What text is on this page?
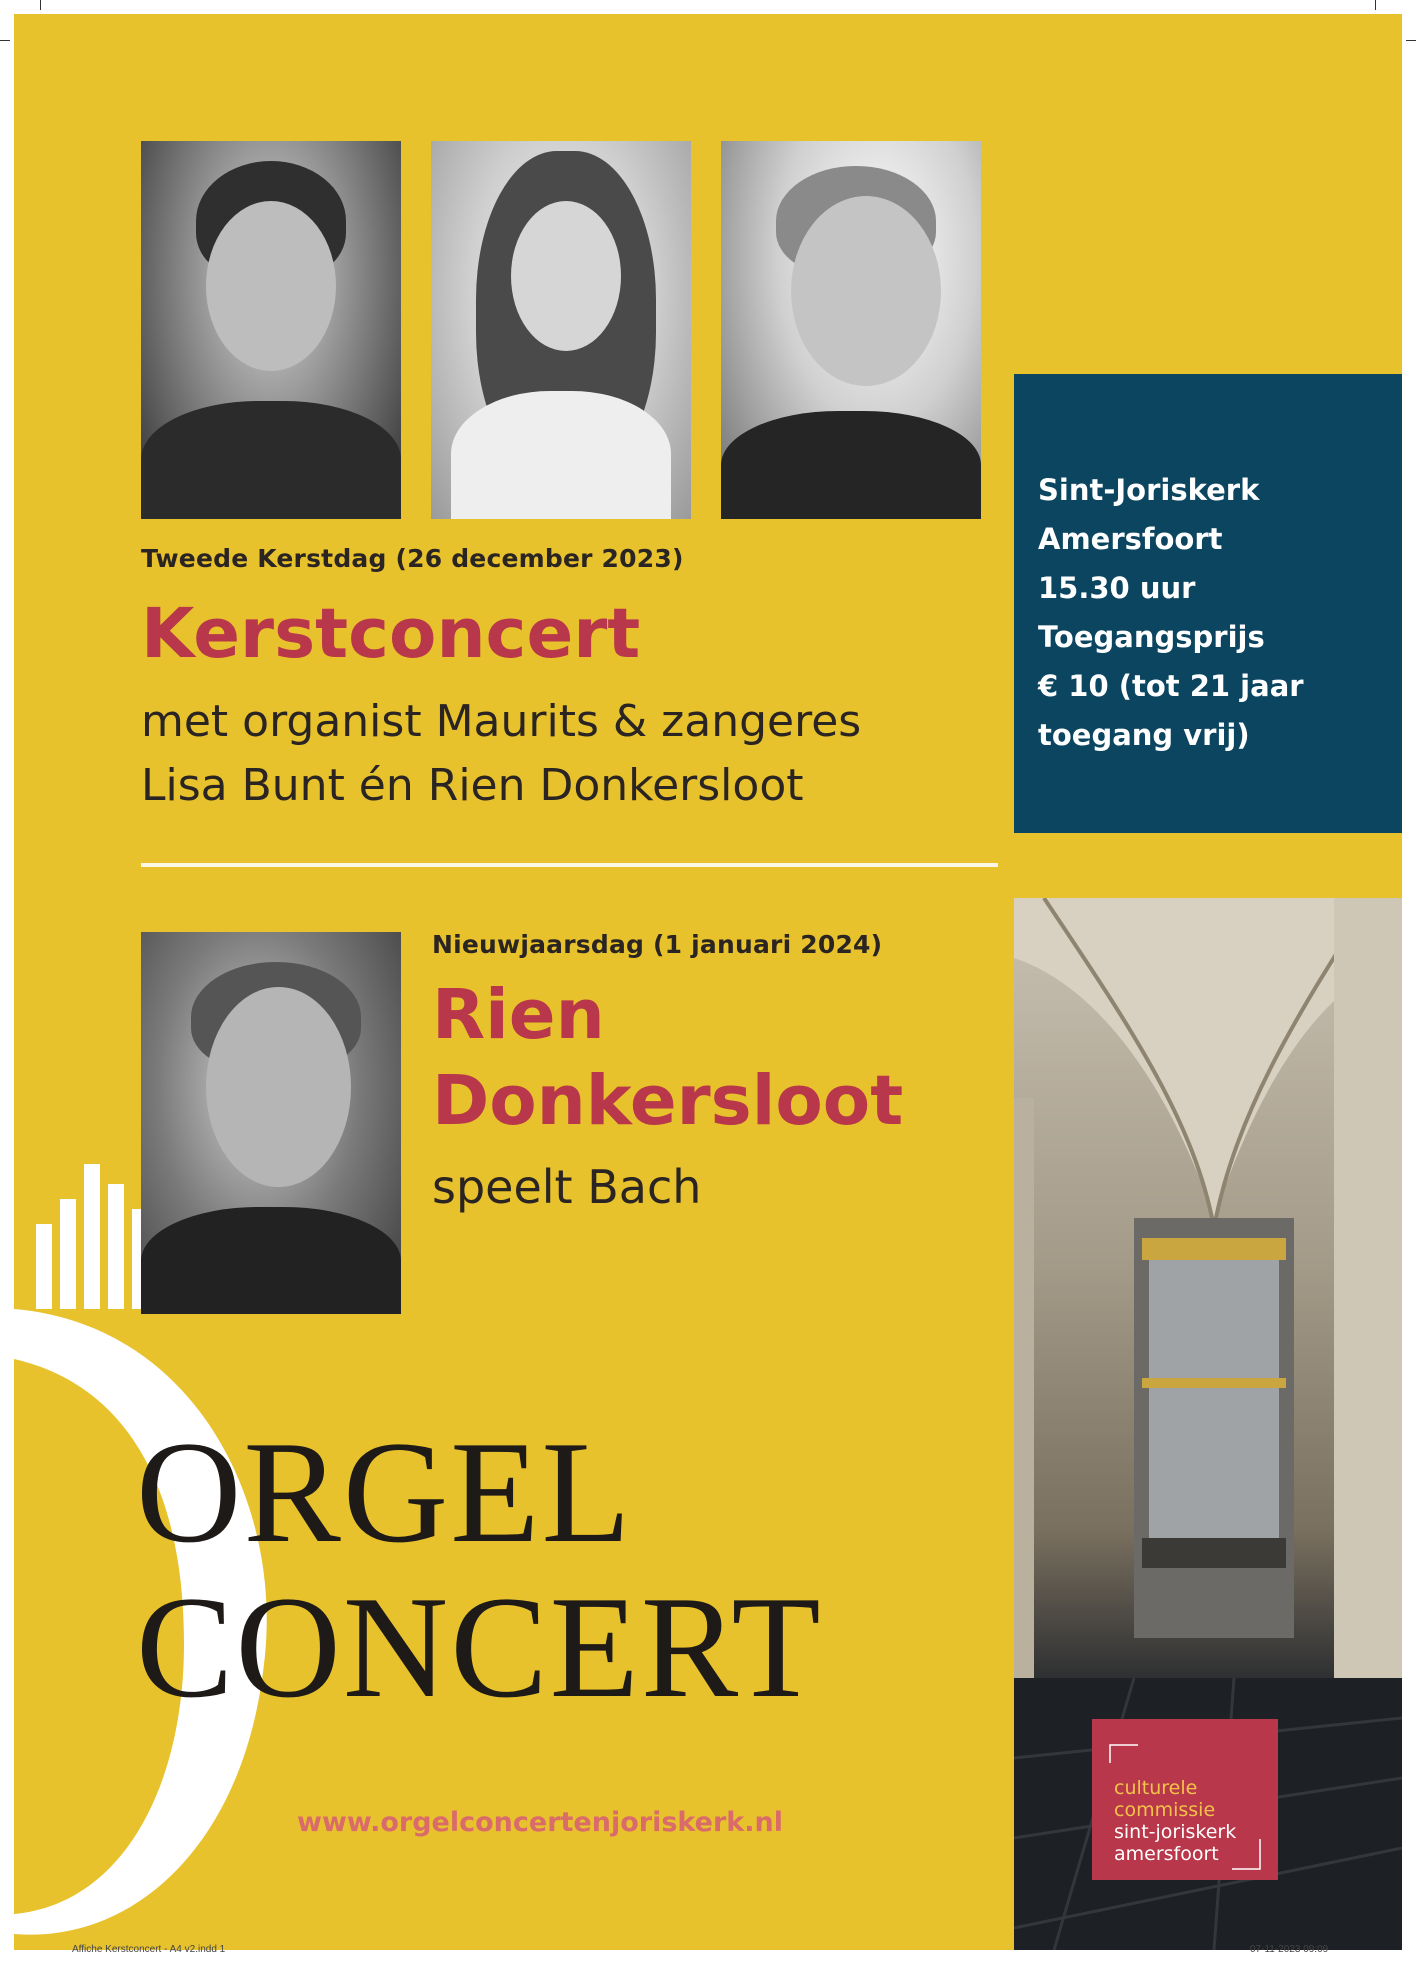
Tweede Kerstdag (26 december 2023)
Kerstconcert
met organist Maurits & zangeres
Lisa Bunt én Rien Donkersloot
Sint-Joriskerk
Amersfoort
15.30 uur
Toegangsprijs
€ 10 (tot 21 jaar
toegang vrij)
Nieuwjaarsdag (1 januari 2024)
Rien
Donkersloot
speelt Bach
ORGEL
CONCERT
www.orgelconcertenjoriskerk.nl
culturele
commissie
sint-joriskerk
amersfoort
Affiche Kerstconcert - A4 v2.indd 1	07-11-2023 09:09
